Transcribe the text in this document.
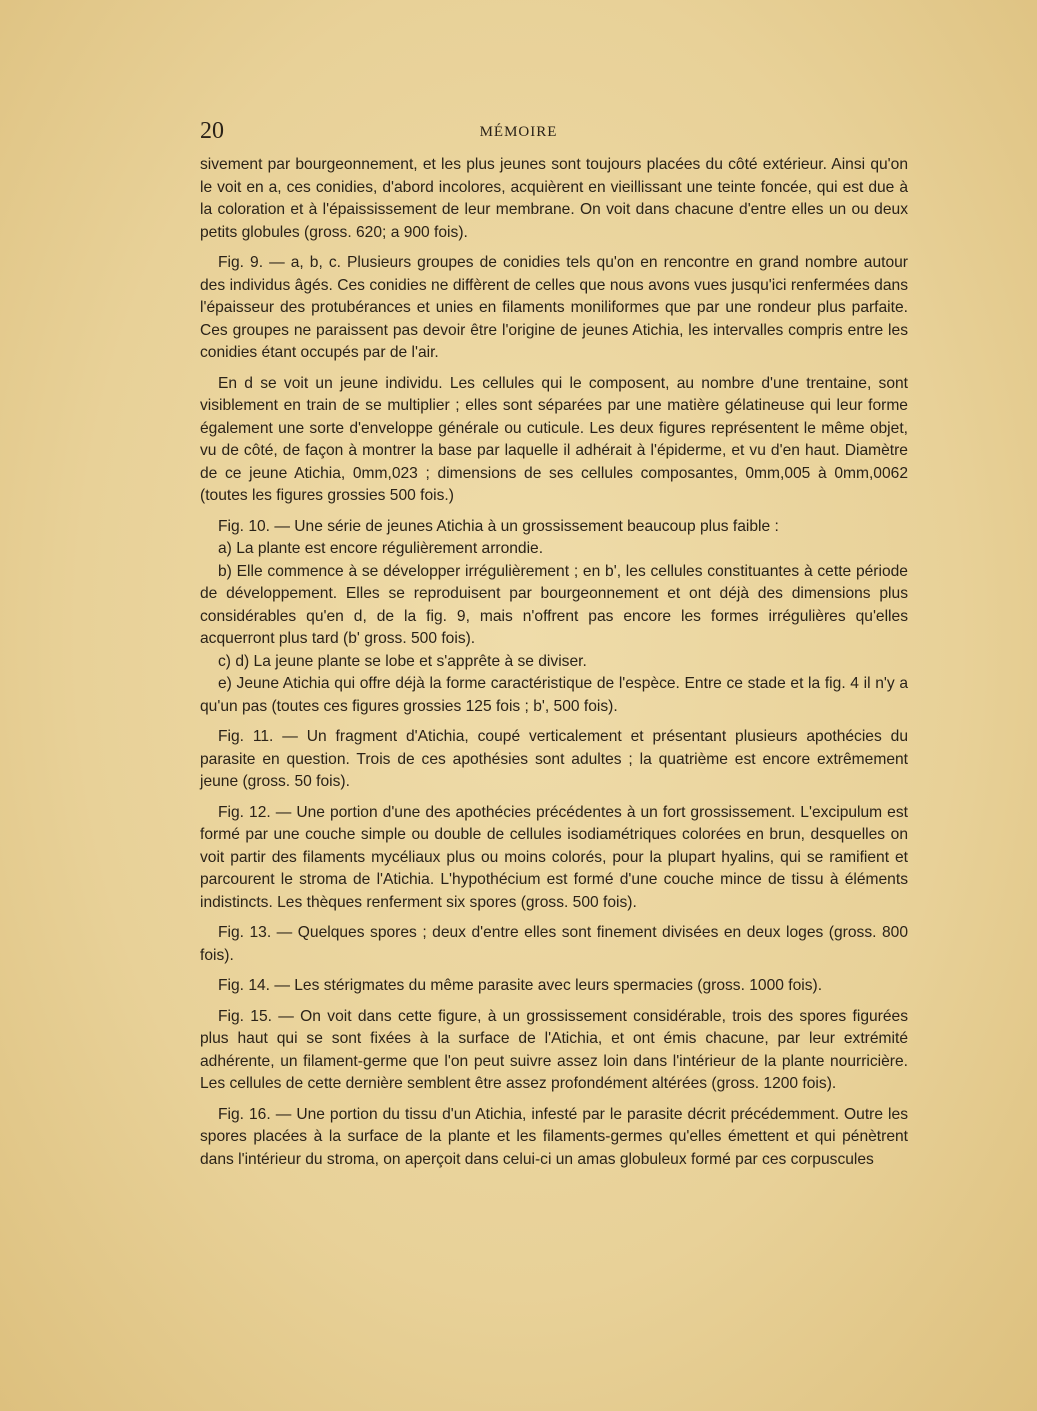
20	MÉMOIRE

sivement par bourgeonnement, et les plus jeunes sont toujours placées du côté extérieur. Ainsi qu'on le voit en a, ces conidies, d'abord incolores, acquièrent en vieillissant une teinte foncée, qui est due à la coloration et à l'épaississement de leur membrane. On voit dans chacune d'entre elles un ou deux petits globules (gross. 620; a 900 fois).

Fig. 9. — a, b, c. Plusieurs groupes de conidies tels qu'on en rencontre en grand nombre autour des individus âgés. Ces conidies ne diffèrent de celles que nous avons vues jusqu'ici renfermées dans l'épaisseur des protubérances et unies en filaments moniliformes que par une rondeur plus parfaite. Ces groupes ne paraissent pas devoir être l'origine de jeunes Atichia, les intervalles compris entre les conidies étant occupés par de l'air.

En d se voit un jeune individu. Les cellules qui le composent, au nombre d'une trentaine, sont visiblement en train de se multiplier ; elles sont séparées par une matière gélatineuse qui leur forme également une sorte d'enveloppe générale ou cuticule. Les deux figures représentent le même objet, vu de côté, de façon à montrer la base par laquelle il adhérait à l'épiderme, et vu d'en haut. Diamètre de ce jeune Atichia, 0mm,023 ; dimensions de ses cellules composantes, 0mm,005 à 0mm,0062 (toutes les figures grossies 500 fois.)

Fig. 10. — Une série de jeunes Atichia à un grossissement beaucoup plus faible :

a) La plante est encore régulièrement arrondie.

b) Elle commence à se développer irrégulièrement ; en b', les cellules constituantes à cette période de développement. Elles se reproduisent par bourgeonnement et ont déjà des dimensions plus considérables qu'en d, de la fig. 9, mais n'offrent pas encore les formes irrégulières qu'elles acquerront plus tard (b' gross. 500 fois).

c) d) La jeune plante se lobe et s'apprête à se diviser.

e) Jeune Atichia qui offre déjà la forme caractéristique de l'espèce. Entre ce stade et la fig. 4 il n'y a qu'un pas (toutes ces figures grossies 125 fois ; b', 500 fois).

Fig. 11. — Un fragment d'Atichia, coupé verticalement et présentant plusieurs apothécies du parasite en question. Trois de ces apothésies sont adultes ; la quatrième est encore extrêmement jeune (gross. 50 fois).

Fig. 12. — Une portion d'une des apothécies précédentes à un fort grossissement. L'excipulum est formé par une couche simple ou double de cellules isodiamétriques colorées en brun, desquelles on voit partir des filaments mycéliaux plus ou moins colorés, pour la plupart hyalins, qui se ramifient et parcourent le stroma de l'Atichia. L'hypothécium est formé d'une couche mince de tissu à éléments indistincts. Les thèques renferment six spores (gross. 500 fois).

Fig. 13. — Quelques spores ; deux d'entre elles sont finement divisées en deux loges (gross. 800 fois).

Fig. 14. — Les stérigmates du même parasite avec leurs spermacies (gross. 1000 fois).

Fig. 15. — On voit dans cette figure, à un grossissement considérable, trois des spores figurées plus haut qui se sont fixées à la surface de l'Atichia, et ont émis chacune, par leur extrémité adhérente, un filament-germe que l'on peut suivre assez loin dans l'intérieur de la plante nourricière. Les cellules de cette dernière semblent être assez profondément altérées (gross. 1200 fois).

Fig. 16. — Une portion du tissu d'un Atichia, infesté par le parasite décrit précédemment. Outre les spores placées à la surface de la plante et les filaments-germes qu'elles émettent et qui pénètrent dans l'intérieur du stroma, on aperçoit dans celui-ci un amas globuleux formé par ces corpuscules
